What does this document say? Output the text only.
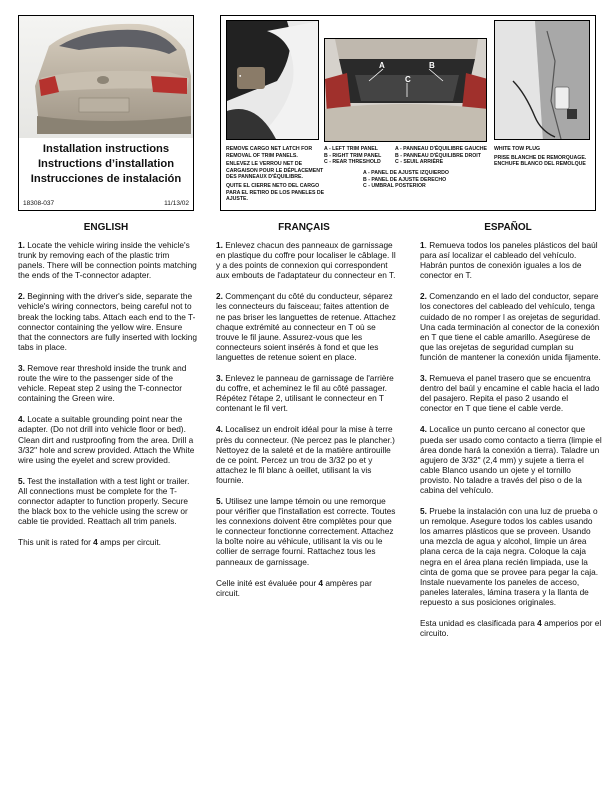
Installation instructions
Instructions d’installation
Instrucciones de instalación
18308-037	11/13/02
●
REMOVE CARGO NET LATCH FOR
REMOVAL OF TRIM PANELS.
ENLEVEZ LE VERROU NET DE
CARGAISON POUR LE DÉPLACEMENT
DES PANNEAUX D'ÉQUILIBRE.
QUITE EL CIERRE NETO DEL CARGO
PARA EL RETIRO DE LOS PANELES DE
AJUSTE.
A	B
C
A - LEFT TRIM PANEL
B - RIGHT TRIM PANEL
C - REAR THRESHOLD
A - PANNEAU D'ÉQUILIBRE GAUCHE
B - PANNEAU D'ÉQUILIBRE DROIT
C - SEUIL ARRIÈRE
A - PANEL DE AJUSTE IZQUIERDO
B - PANEL DE AJUSTE DERECHO
C - UMBRAL POSTERIOR
WHITE TOW PLUG
PRISE BLANCHE DE REMORQUAGE.
ENCHUFE BLANCO DEL REMOLQUE
ENGLISH	FRANÇAIS	ESPAÑOL

1. Locate the vehicle wiring inside the vehicle's trunk by removing each of the plastic trim panels. There will be connection points matching the ends of the T-connector adapter.

2. Beginning with the driver's side, separate the vehicle's wiring connectors, being careful not to break the locking tabs. Attach each end to the T-connector containing the yellow wire. Ensure that the connectors are fully inserted with locking tabs in place.

3. Remove rear threshold inside the trunk and route the wire to the passenger side of the vehicle. Repeat step 2 using the T-connector containing the Green wire.

4. Locate a suitable grounding point near the adapter. (Do not drill into vehicle floor or bed). Clean dirt and rustproofing from the area. Drill a 3/32" hole and screw provided. Attach the White wire using the eyelet and screw provided.

5. Test the installation with a test light or trailer. All connections must be complete for the T-connector adapter to function properly. Secure the black box to the vehicle using the screw or cable tie provided. Reattach all trim panels.

This unit is rated for 4 amps per circuit.

1. Enlevez chacun des panneaux de garnissage en plastique du coffre pour localiser le câblage. Il y a des points de connexion qui correspondent aux embouts de l'adaptateur du connecteur en T.

2. Commençant du côté du conducteur, séparez les connecteurs du faisceau; faites attention de ne pas briser les languettes de retenue. Attachez chaque extrémité au connecteur en T où se trouve le fil jaune. Assurez-vous que les connecteurs soient insérés à fond et que les languettes de retenue soient en place.

3. Enlevez le panneau de garnissage de l'arrière du coffre, et acheminez le fil au côté passager. Répétez l'étape 2, utilisant le connecteur en T contenant le fil vert.

4. Localisez un endroit idéal pour la mise à terre près du connecteur. (Ne percez pas le plancher.) Nettoyez de la saleté et de la matière antirouille de ce point. Percez un trou de 3/32 po et y attachez le fil blanc à oeillet, utilisant la vis fournie.

5. Utilisez une lampe témoin ou une remorque pour vérifier que l'installation est correcte. Toutes les connexions doivent être complètes pour que le connecteur fonctionne correctement. Attachez la boîte noire au véhicule, utilisant la vis ou le collier de serrage fourni. Rattachez tous les panneaux de garnissage.

Celle inité est évaluée pour 4 ampères par circuit.

1. Remueva todos los paneles plásticos del baúl para así localizar el cableado del vehículo. Habrán puntos de conexión iguales a los de conector en T.

2. Comenzando en el lado del conductor, separe los conectores del cableado del vehículo, tenga cuidado de no romper l as orejetas de seguridad. Una cada terminación al conector de la conexión en T que tiene el cable amarillo. Asegúrese de que las orejetas de seguridad cumplan su función de mantener la conexión unida fijamente.

3. Remueva el panel trasero que se encuentra dentro del baúl y encamine el cable hacia el lado del pasajero. Repita el paso 2 usando el conector en T que tiene el cable verde.

4. Localice un punto cercano al conector que pueda ser usado como contacto a tierra (limpie el área donde hará la conexión a tierra). Taladre un agujero de 3/32" (2,4 mm) y sujete a tierra el cable Blanco usando un ojete y el tornillo provisto. No taladre a través del piso o de la cabina del vehículo.

5. Pruebe la instalación con una luz de prueba o un remolque. Asegure todos los cables usando los amarres plásticos que se proveen. Usando una mezcla de agua y alcohol, limpie un área plana cerca de la caja negra. Coloque la caja negra en el área plana recién limpiada, use la cinta de goma que se provee para pegar la caja. Instale nuevamente los paneles de acceso, paneles laterales, lámina trasera y la llanta de repuesto a sus posiciones originales.

Esta unidad es clasificada para 4 amperios por el circuito.
